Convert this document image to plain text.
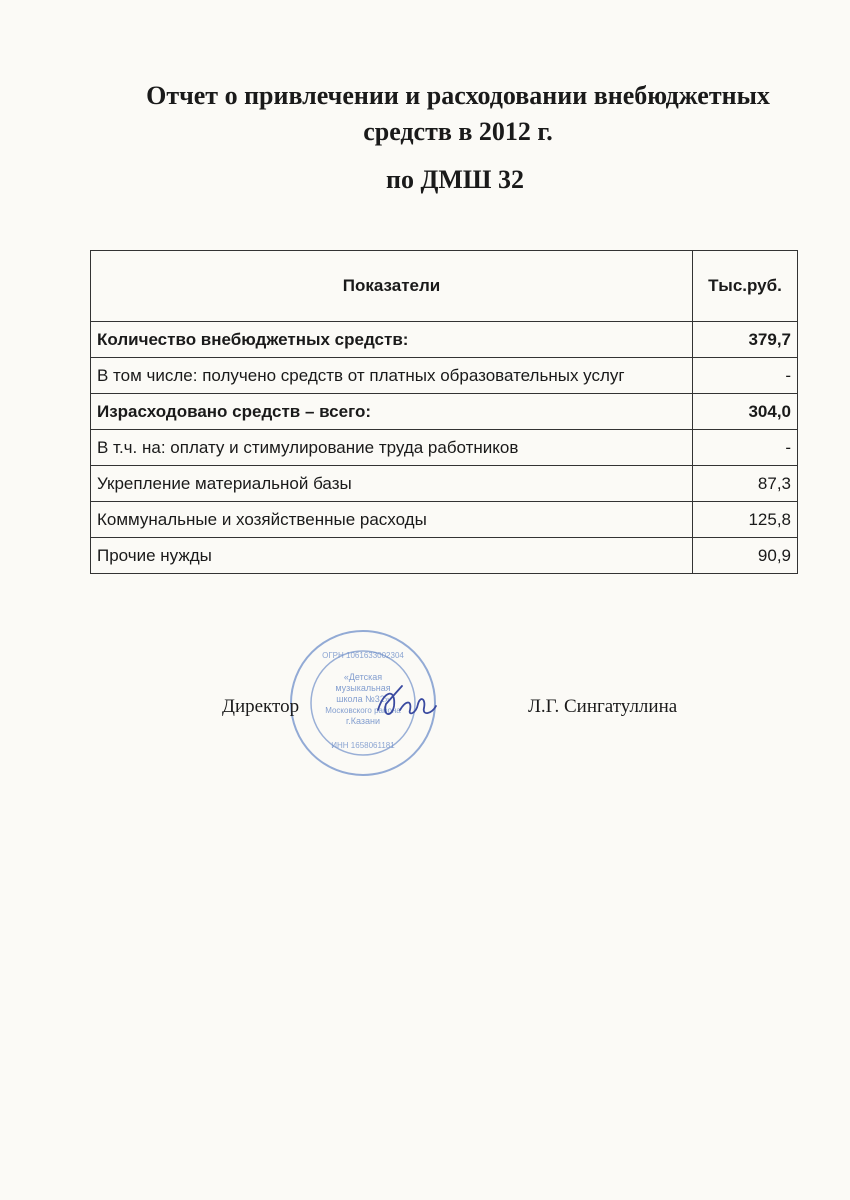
Отчет о привлечении и расходовании внебюджетных
средств в 2012 г.
по ДМШ 32
Показатели	Тыс.руб.
Количество внебюджетных средств:	379,7
В том числе: получено средств от платных образовательных услуг	-
Израсходовано средств – всего:	304,0
В т.ч. на: оплату и стимулирование труда работников	-
Укрепление материальной базы	87,3
Коммунальные и хозяйственные расходы	125,8
Прочие нужды	90,9
ОГРН 1061633002304
«Детская
музыкальная
школа №32»
Московского района
г.Казани
ИНН 1658061181
Директор	Л.Г. Сингатуллина
